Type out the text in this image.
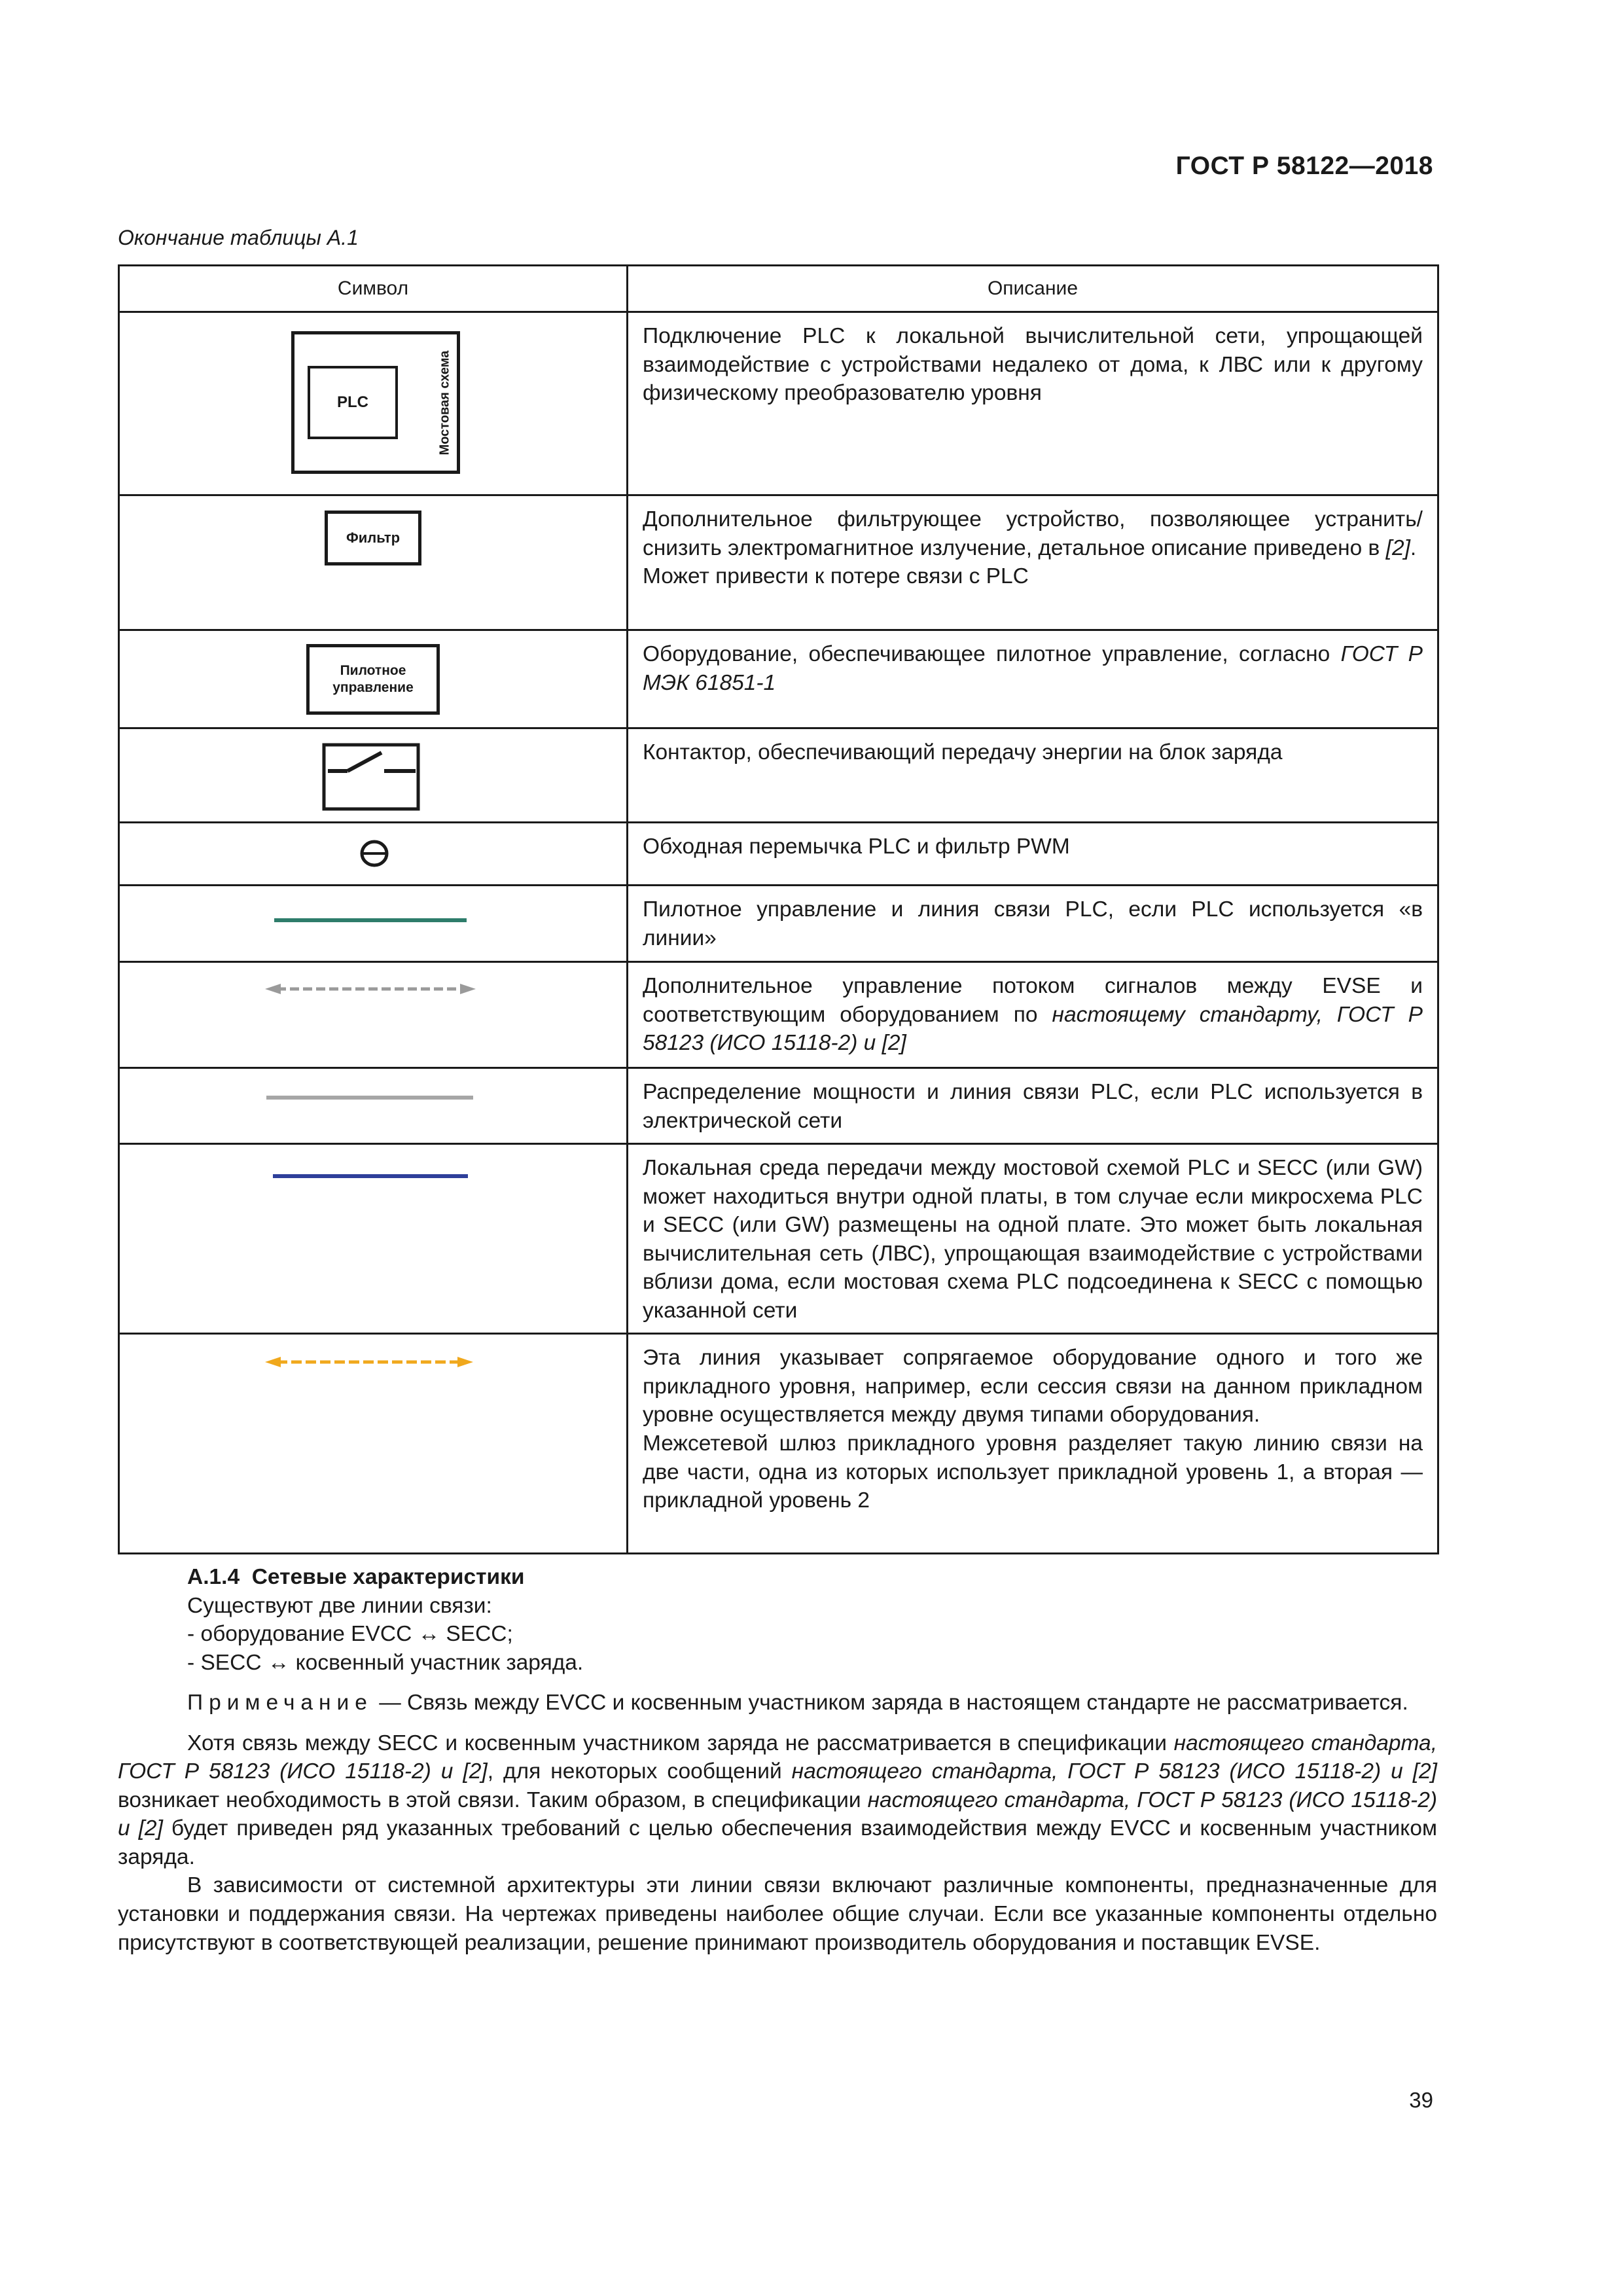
ГОСТ Р 58122—2018
Окончание таблицы А.1
Символ	Описание

PLC Мостовая схема	Подключение PLC к локальной вычислительной сети, упрощающей взаимодействие с устройствами недалеко от дома, к ЛВС или к другому физическому преобразователю уровня

Фильтр	Дополнительное фильтрующее устройство, позволяющее устранить/снизить электромагнитное излучение, детальное описание приведено в [2].

Может привести к потере связи с PLC

Пилотное
управление	Оборудование, обеспечивающее пилотное управление, согласно ГОСТ Р МЭК 61851-1

Контактор, обеспечивающий передачу энергии на блок заряда

Обходная перемычка PLC и фильтр PWM

Пилотное управление и линия связи PLC, если PLC используется «в линии»

Дополнительное управление потоком сигналов между EVSE и соответствующим оборудованием по настоящему стандарту, ГОСТ Р 58123 (ИСО 15118-2) и [2]

Распределение мощности и линия связи PLC, если PLC используется в электрической сети

Локальная среда передачи между мостовой схемой PLC и SECC (или GW) может находиться внутри одной платы, в том случае если микросхема PLC и SECC (или GW) размещены на одной плате. Это может быть локальная вычислительная сеть (ЛВС), упрощающая взаимодействие с устройствами вблизи дома, если мостовая схема PLC подсоединена к SECC с помощью указанной сети

Эта линия указывает сопрягаемое оборудование одного и того же прикладного уровня, например, если сессия связи на данном прикладном уровне осуществляется между двумя типами оборудования.

Межсетевой шлюз прикладного уровня разделяет такую линию связи на две части, одна из которых использует прикладной уровень 1, а вторая — прикладной уровень 2

А.1.4 Сетевые характеристики

Существуют две линии связи:

- оборудование EVCC ↔ SECC;

- SECC ↔ косвенный участник заряда.

Примечание — Связь между EVCC и косвенным участником заряда в настоящем стандарте не рассматривается.

Хотя связь между SECC и косвенным участником заряда не рассматривается в спецификации настоящего стандарта, ГОСТ Р 58123 (ИСО 15118-2) и [2], для некоторых сообщений настоящего стандарта, ГОСТ Р 58123 (ИСО 15118-2) и [2] возникает необходимость в этой связи. Таким образом, в спецификации настоящего стандарта, ГОСТ Р 58123 (ИСО 15118-2) и [2] будет приведен ряд указанных требований с целью обеспечения взаимодействия между EVCC и косвенным участником заряда.

В зависимости от системной архитектуры эти линии связи включают различные компоненты, предназначенные для установки и поддержания связи. На чертежах приведены наиболее общие случаи. Если все указанные компоненты отдельно присутствуют в соответствующей реализации, решение принимают производитель оборудования и поставщик EVSE.

39
